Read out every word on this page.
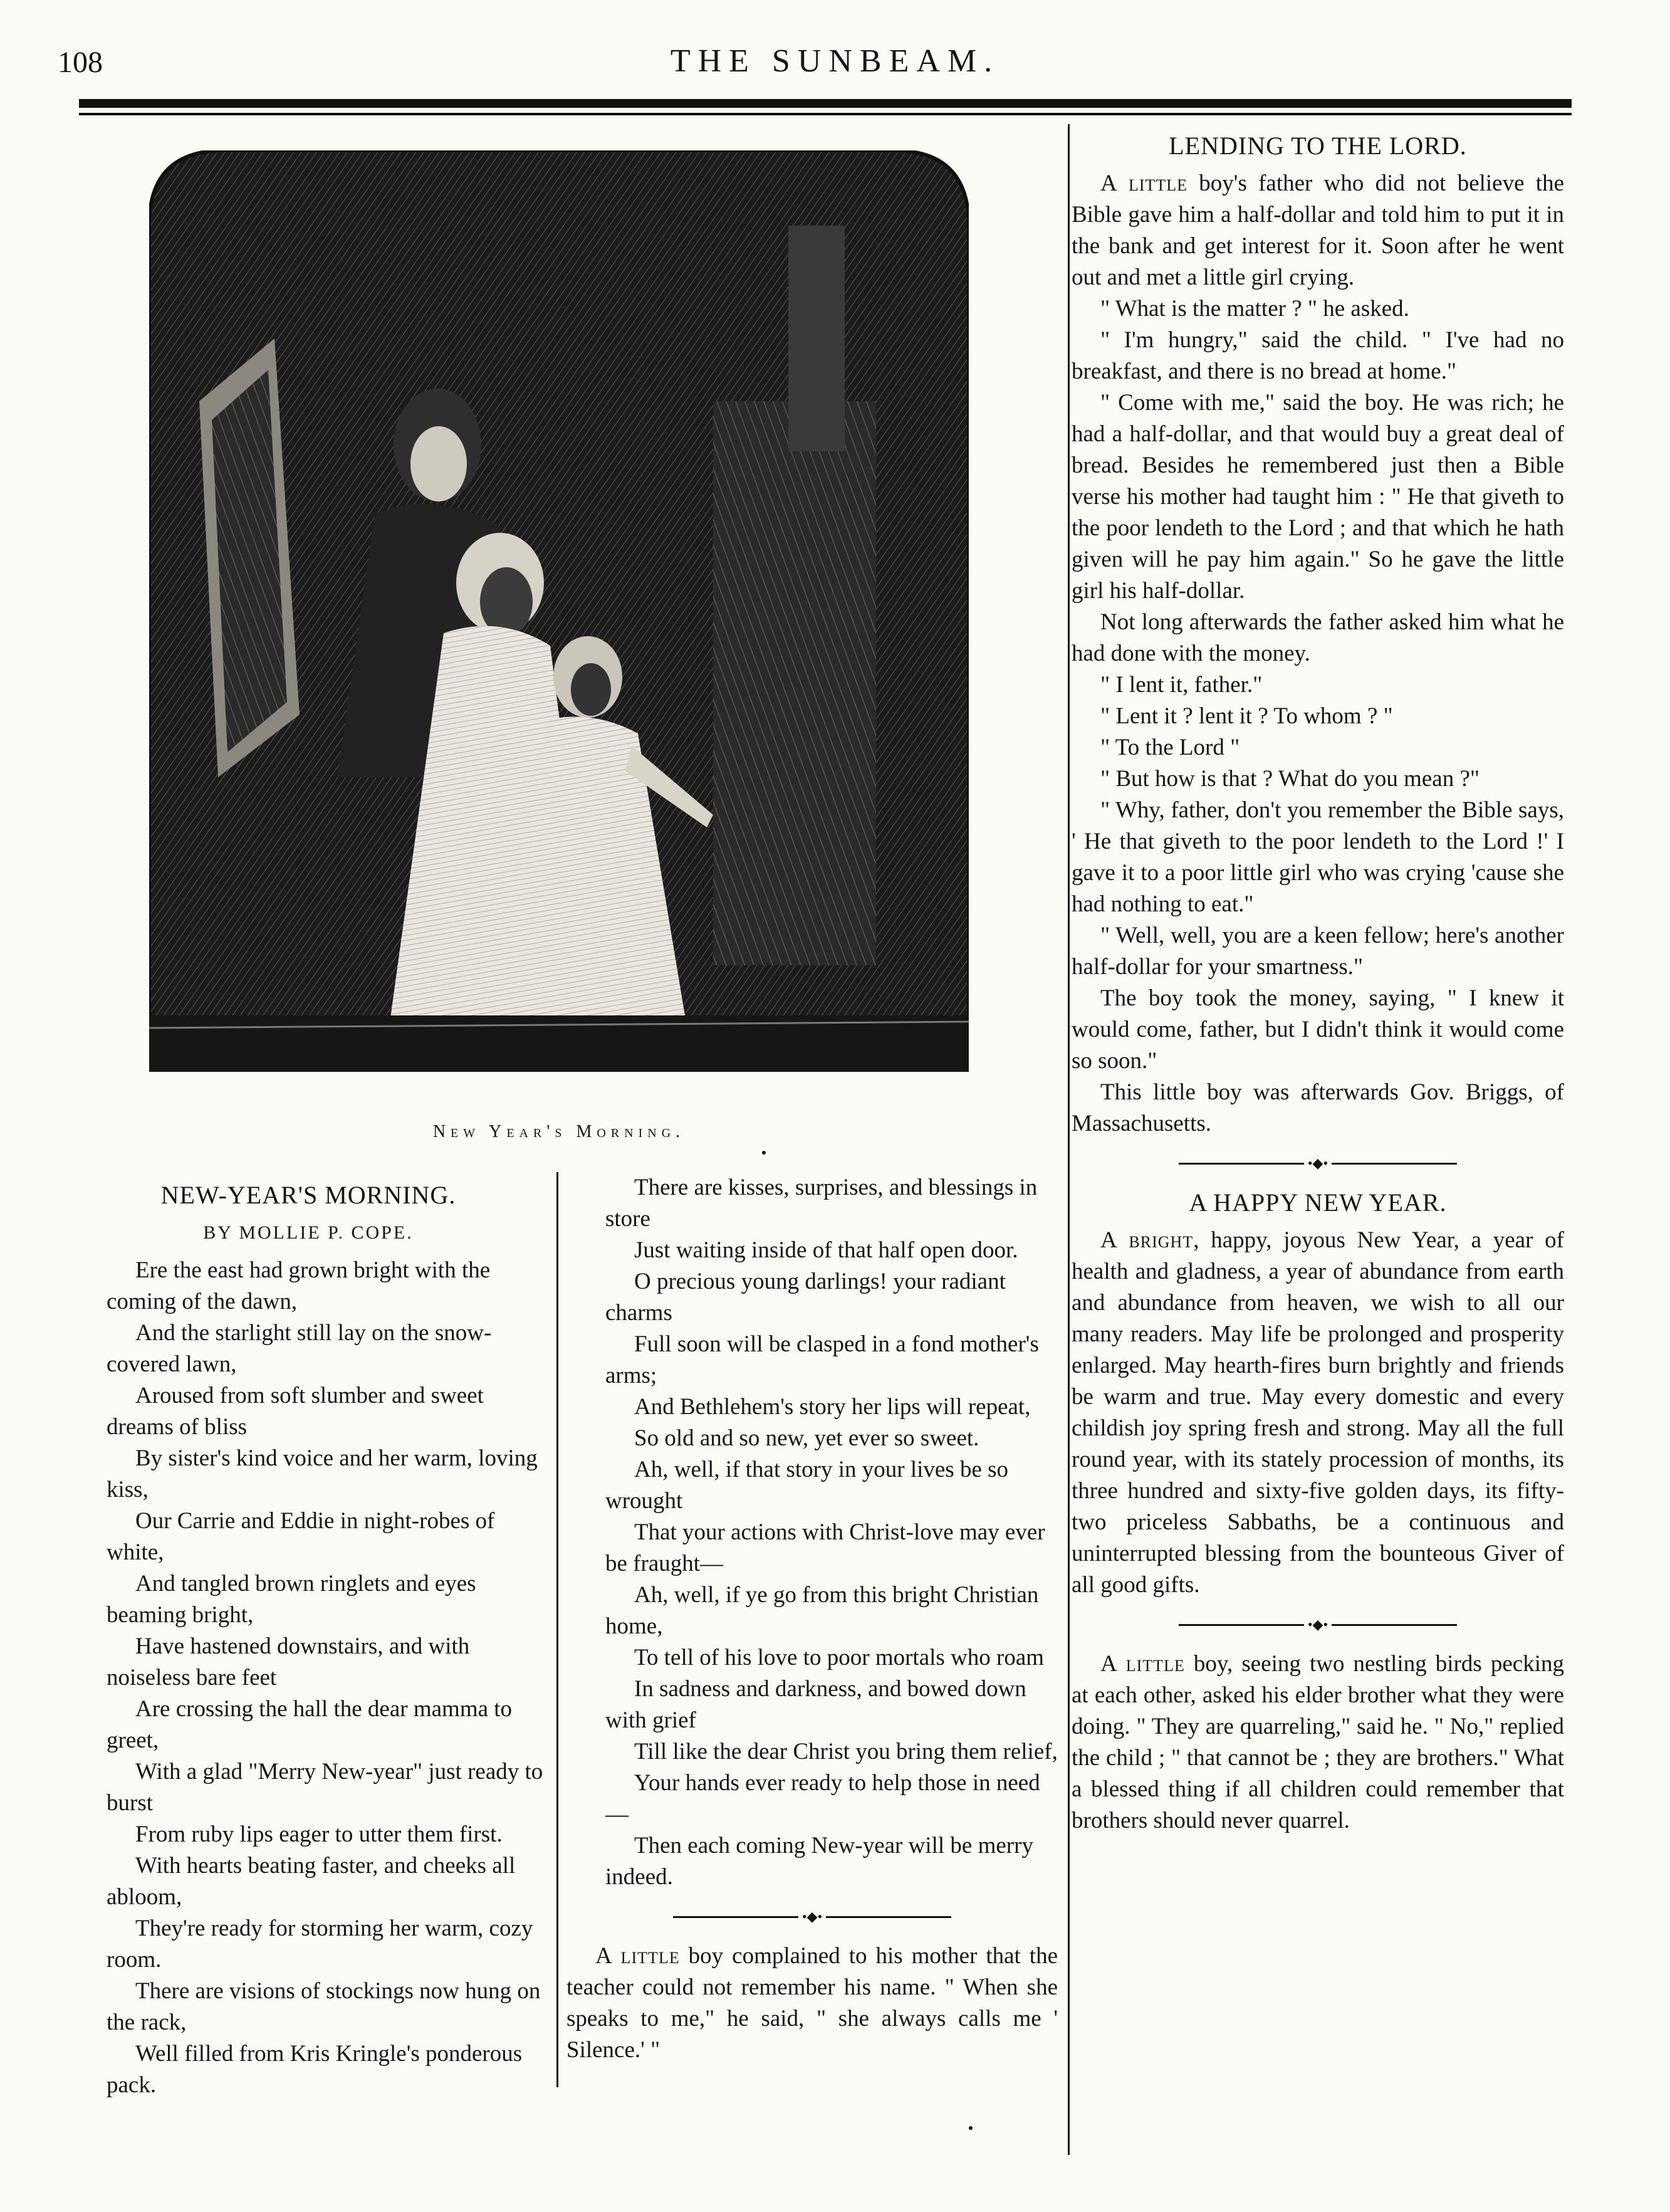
108	THE SUNBEAM.
New Year's Morning.
LENDING TO THE LORD.

A little boy's father who did not believe the Bible gave him a half-dollar and told him to put it in the bank and get interest for it. Soon after he went out and met a little girl crying.

" What is the matter ? " he asked.

" I'm hungry," said the child. " I've had no breakfast, and there is no bread at home."

" Come with me," said the boy. He was rich; he had a half-dollar, and that would buy a great deal of bread. Besides he remembered just then a Bible verse his mother had taught him : " He that giveth to the poor lendeth to the Lord ; and that which he hath given will he pay him again." So he gave the little girl his half-dollar.

Not long afterwards the father asked him what he had done with the money.

" I lent it, father."

" Lent it ? lent it ? To whom ? "

" To the Lord "

" But how is that ? What do you mean ?"

" Why, father, don't you remember the Bible says, ' He that giveth to the poor lendeth to the Lord !' I gave it to a poor little girl who was crying 'cause she had nothing to eat."

" Well, well, you are a keen fellow; here's another half-dollar for your smartness."

The boy took the money, saying, " I knew it would come, father, but I didn't think it would come so soon."

This little boy was afterwards Gov. Briggs, of Massachusetts.

•◆•
A HAPPY NEW YEAR.

A bright, happy, joyous New Year, a year of health and gladness, a year of abundance from earth and abundance from heaven, we wish to all our many readers. May life be prolonged and prosperity enlarged. May hearth-fires burn brightly and friends be warm and true. May every domestic and every childish joy spring fresh and strong. May all the full round year, with its stately procession of months, its three hundred and sixty-five golden days, its fifty-two priceless Sabbaths, be a continuous and uninterrupted blessing from the bounteous Giver of all good gifts.

•◆•

A little boy, seeing two nestling birds pecking at each other, asked his elder brother what they were doing. " They are quarreling," said he. " No," replied the child ; " that cannot be ; they are brothers." What a blessed thing if all children could remember that brothers should never quarrel.

NEW-YEAR'S MORNING.
BY MOLLIE P. COPE.

Ere the east had grown bright with the coming of the dawn,

And the starlight still lay on the snow-covered lawn,

Aroused from soft slumber and sweet dreams of bliss

By sister's kind voice and her warm, loving kiss,

Our Carrie and Eddie in night-robes of white,

And tangled brown ringlets and eyes beaming bright,

Have hastened downstairs, and with noiseless bare feet

Are crossing the hall the dear mamma to greet,

With a glad "Merry New-year" just ready to burst

From ruby lips eager to utter them first.

With hearts beating faster, and cheeks all abloom,

They're ready for storming her warm, cozy room.

There are visions of stockings now hung on the rack,

Well filled from Kris Kringle's ponderous pack.

There are kisses, surprises, and blessings in store

Just waiting inside of that half open door.

O precious young darlings! your radiant charms

Full soon will be clasped in a fond mother's arms;

And Bethlehem's story her lips will repeat,

So old and so new, yet ever so sweet.

Ah, well, if that story in your lives be so wrought

That your actions with Christ-love may ever be fraught—

Ah, well, if ye go from this bright Christian home,

To tell of his love to poor mortals who roam

In sadness and darkness, and bowed down with grief

Till like the dear Christ you bring them relief,

Your hands ever ready to help those in need—

Then each coming New-year will be merry indeed.

•◆•

A little boy complained to his mother that the teacher could not remember his name. " When she speaks to me," he said, " she always calls me ' Silence.' "
